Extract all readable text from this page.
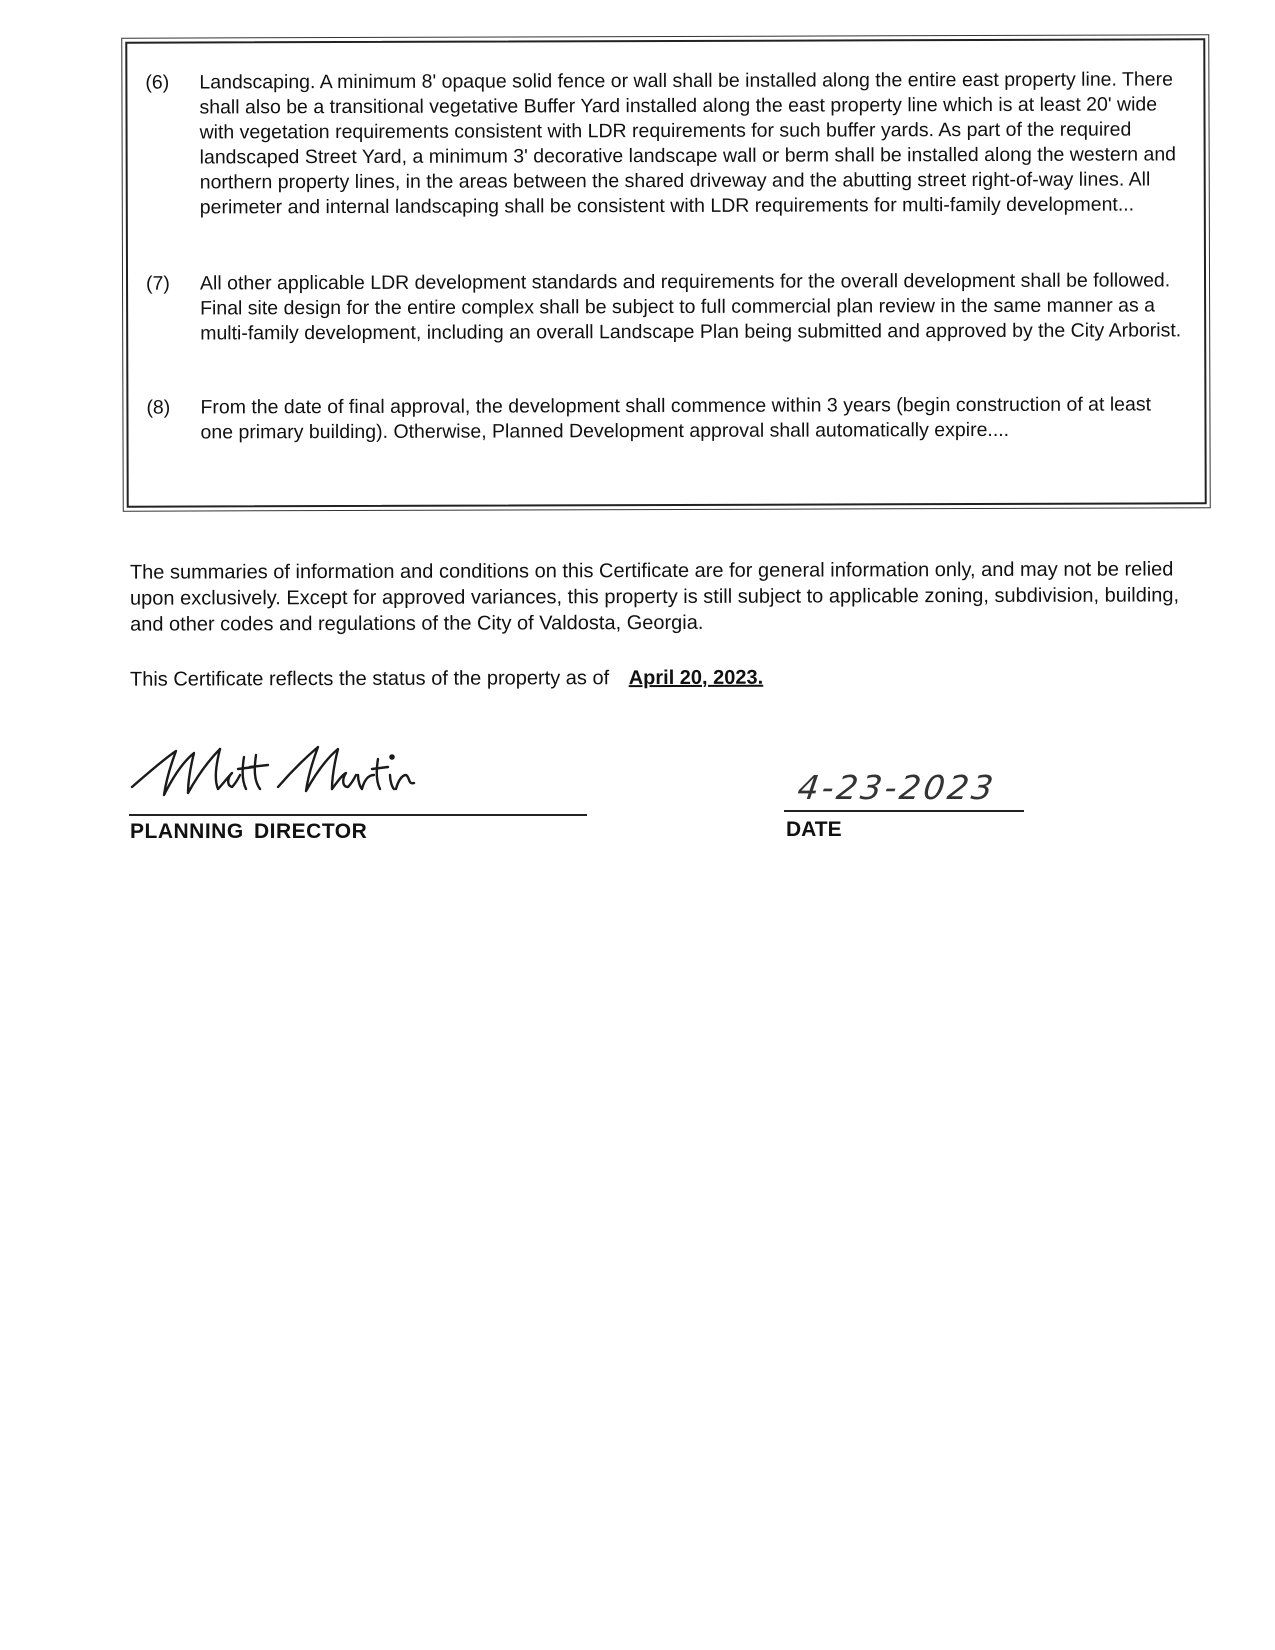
(6)	Landscaping. A minimum 8' opaque solid fence or wall shall be installed along the entire east property line. There shall also be a transitional vegetative Buffer Yard installed along the east property line which is at least 20' wide with vegetation requirements consistent with LDR requirements for such buffer yards. As part of the required landscaped Street Yard, a minimum 3' decorative landscape wall or berm shall be installed along the western and northern property lines, in the areas between the shared driveway and the abutting street right-of-way lines. All perimeter and internal landscaping shall be consistent with LDR requirements for multi-family development...
(7)	All other applicable LDR development standards and requirements for the overall development shall be followed. Final site design for the entire complex shall be subject to full commercial plan review in the same manner as a multi-family development, including an overall Landscape Plan being submitted and approved by the City Arborist.
(8)	From the date of final approval, the development shall commence within 3 years (begin construction of at least one primary building). Otherwise, Planned Development approval shall automatically expire....
The summaries of information and conditions on this Certificate are for general information only, and may not be relied upon exclusively. Except for approved variances, this property is still subject to applicable zoning, subdivision, building, and other codes and regulations of the City of Valdosta, Georgia.
This Certificate reflects the status of the property as of April 20, 2023.
PLANNING DIRECTOR
4-23-2023
DATE
